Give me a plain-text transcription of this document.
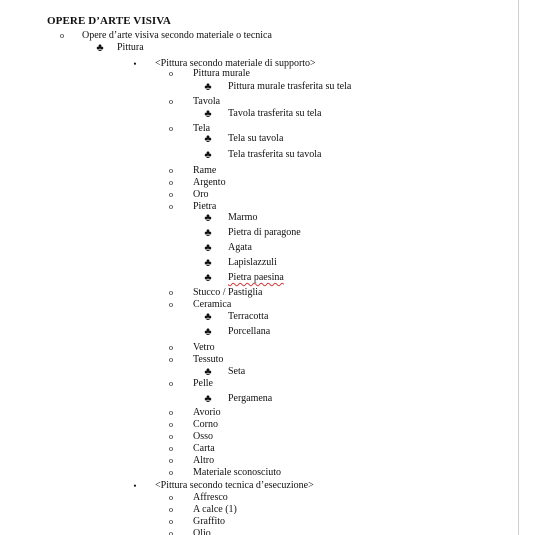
OPERE D’ARTE VISIVA
o	Opere d’arte visiva secondo materiale o tecnica
♣ Pittura
•	<Pittura secondo materiale di supporto>
o	Pittura murale
♣ Pittura murale trasferita su tela
o	Tavola
♣ Tavola trasferita su tela
o	Tela
♣ Tela su tavola
♣ Tela trasferita su tavola
o	Rame
o	Argento
o	Oro
o	Pietra
♣ Marmo
♣ Pietra di paragone
♣ Agata
♣ Lapislazzuli
♣ Pietra paesina
o	Stucco / Pastiglia
o	Ceramica
♣ Terracotta
♣ Porcellana
o	Vetro
o	Tessuto
♣ Seta
o	Pelle
♣ Pergamena
o	Avorio
o	Corno
o	Osso
o	Carta
o	Altro
o	Materiale sconosciuto
•	<Pittura secondo tecnica d’esecuzione>
o	Affresco
o	A calce (1)
o	Graffito
o	Olio
